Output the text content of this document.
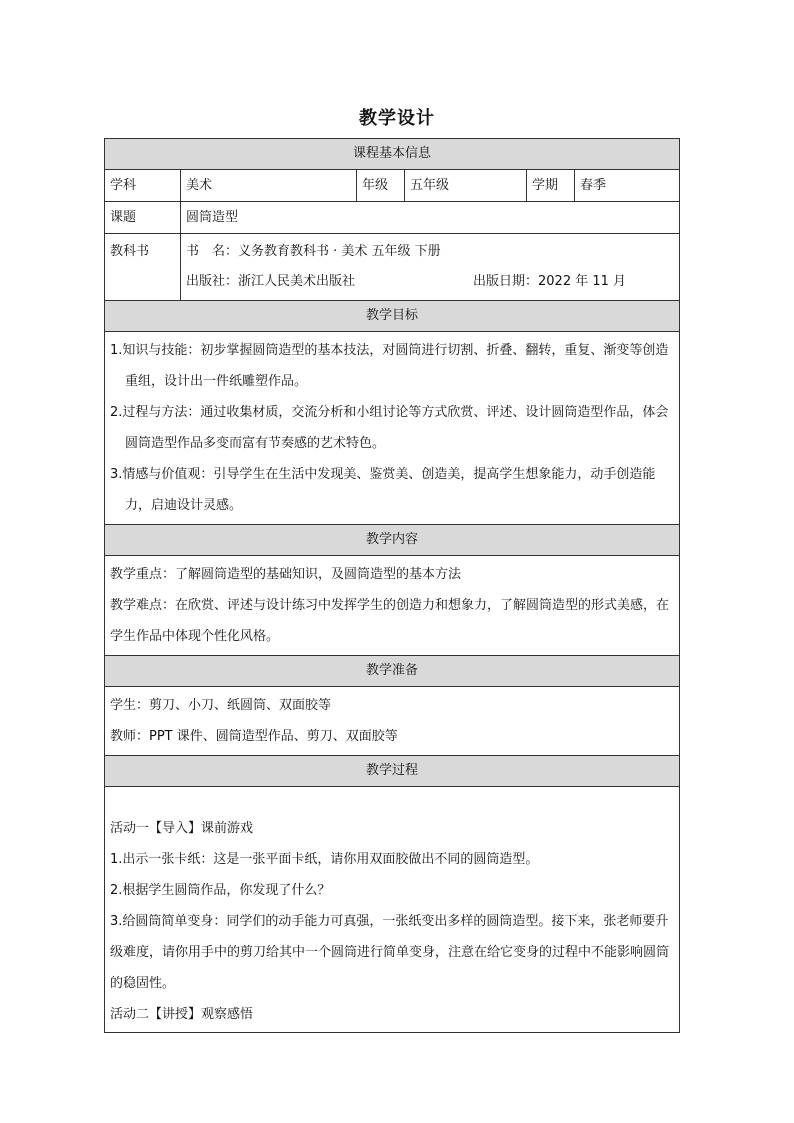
教学设计
课程基本信息					
学科	美术	年级	五年级	学期	春季
课题	圆筒造型				
教科书	书　名：义务教育教科书 · 美术 五年级 下册
出版社：浙江人民美术出版社 出版日期：2022 年 11 月				

教学目标					

1.知识与技能：初步掌握圆筒造型的基本技法，对圆筒进行切割、折叠、翻转，重复、渐变等创造重组，设计出一件纸雕塑作品。
2.过程与方法：通过收集材质，交流分析和小组讨论等方式欣赏、评述、设计圆筒造型作品，体会圆筒造型作品多变而富有节奏感的艺术特色。
3.情感与价值观：引导学生在生活中发现美、鉴赏美、创造美，提高学生想象能力，动手创造能力，启迪设计灵感。					

教学内容					

教学重点：了解圆筒造型的基础知识，及圆筒造型的基本方法
教学难点：在欣赏、评述与设计练习中发挥学生的创造力和想象力，了解圆筒造型的形式美感，在学生作品中体现个性化风格。					

教学准备					

学生：剪刀、小刀、纸圆筒、双面胶等
教师：PPT 课件、圆筒造型作品、剪刀、双面胶等					

教学过程					

活动一【导入】课前游戏
1.出示一张卡纸：这是一张平面卡纸，请你用双面胶做出不同的圆筒造型。
2.根据学生圆筒作品，你发现了什么？
3.给圆筒简单变身：同学们的动手能力可真强，一张纸变出多样的圆筒造型。接下来，张老师要升级难度，请你用手中的剪刀给其中一个圆筒进行简单变身，注意在给它变身的过程中不能影响圆筒的稳固性。
活动二【讲授】观察感悟					
